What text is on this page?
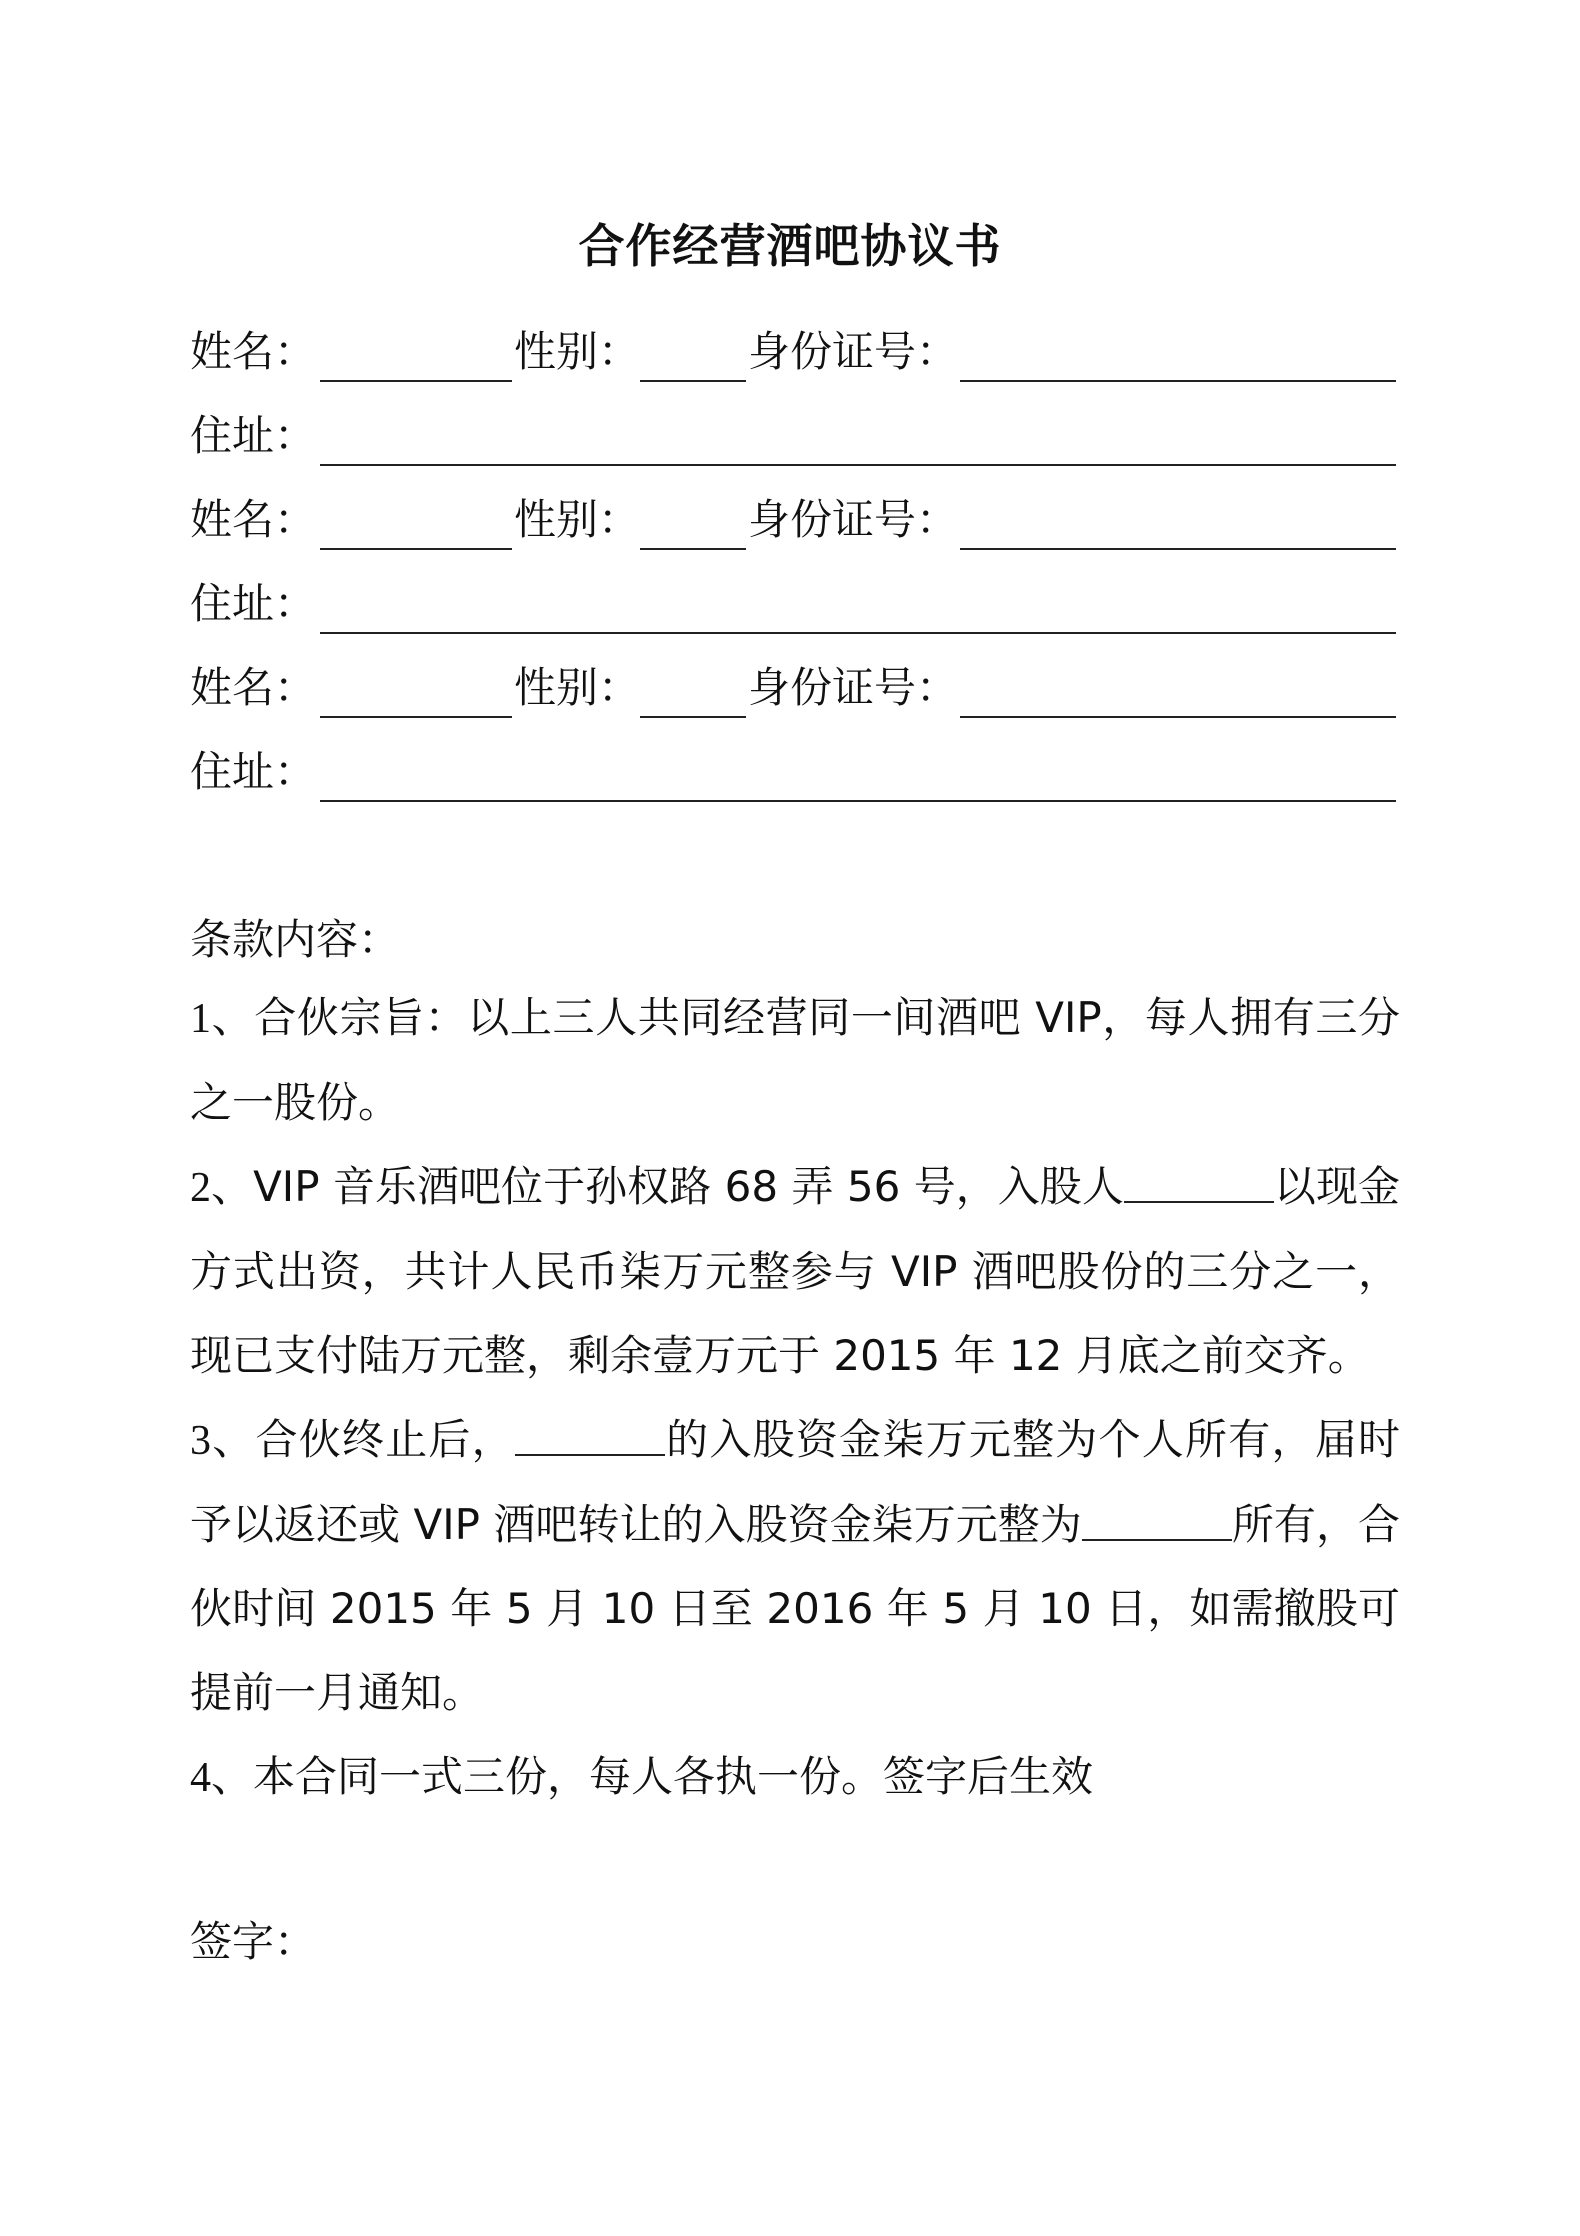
合作经营酒吧协议书
姓名：	性别：	身份证号：
住址：
姓名：	性别：	身份证号：
住址：
姓名：	性别：	身份证号：
住址：
条款内容：

1、合伙宗旨：以上三人共同经营同一间酒吧 VIP，每人拥有三分之一股份。

2、VIP 音乐酒吧位于孙权路 68 弄 56 号，入股人	以现金方式出资，共计人民币柒万元整参与 VIP 酒吧股份的三分之一，现已支付陆万元整，剩余壹万元于 2015 年 12 月底之前交齐。

3、合伙终止后，	的入股资金柒万元整为个人所有，届时予以返还或 VIP 酒吧转让的入股资金柒万元整为	所有，合伙时间 2015 年 5 月 10 日至 2016 年 5 月 10 日，如需撤股可提前一月通知。

4、本合同一式三份，每人各执一份。签字后生效

签字：
